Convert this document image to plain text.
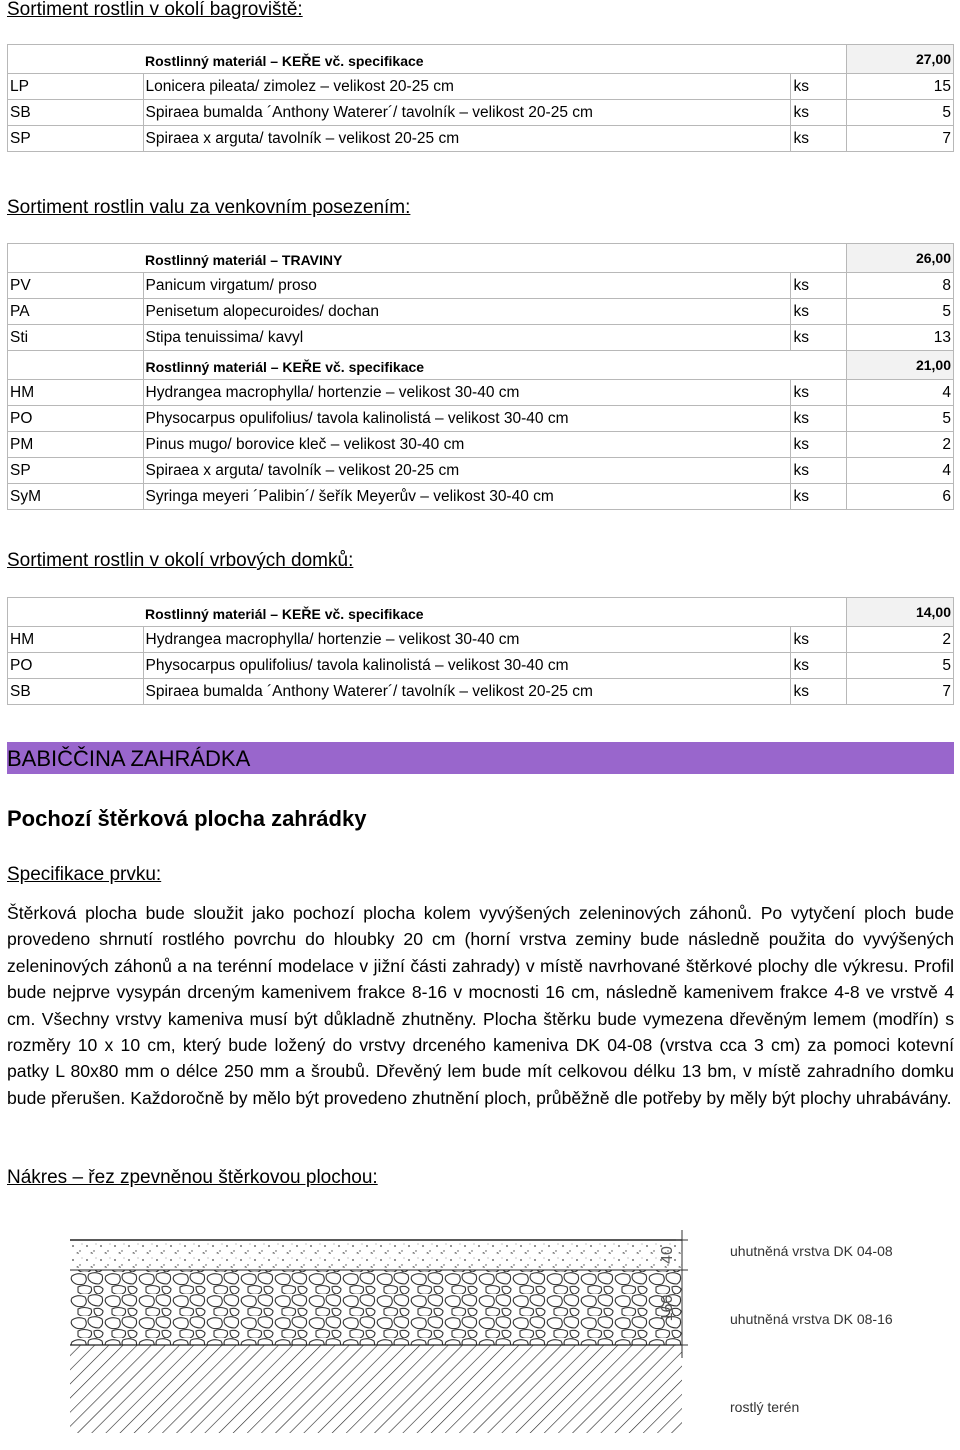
Sortiment rostlin v okolí bagroviště:
	Rostlinný materiál – KEŘE vč. specifikace		27,00
LP	Lonicera pileata/ zimolez – velikost 20-25 cm	ks	15
SB	Spiraea bumalda ´Anthony Waterer´/ tavolník – velikost 20-25 cm	ks	5
SP	Spiraea x arguta/ tavolník – velikost 20-25 cm	ks	7
Sortiment rostlin valu za venkovním posezením:
	Rostlinný materiál – TRAVINY		26,00
PV	Panicum virgatum/ proso	ks	8
PA	Penisetum alopecuroides/ dochan	ks	5
Sti	Stipa tenuissima/ kavyl	ks	13
	Rostlinný materiál – KEŘE vč. specifikace		21,00
HM	Hydrangea macrophylla/ hortenzie – velikost 30-40 cm	ks	4
PO	Physocarpus opulifolius/ tavola kalinolistá – velikost 30-40 cm	ks	5
PM	Pinus mugo/ borovice kleč – velikost 30-40 cm	ks	2
SP	Spiraea x arguta/ tavolník – velikost 20-25 cm	ks	4
SyM	Syringa meyeri ´Palibin´/ šeřík Meyerův – velikost 30-40 cm	ks	6
Sortiment rostlin v okolí vrbových domků:
	Rostlinný materiál – KEŘE vč. specifikace		14,00
HM	Hydrangea macrophylla/ hortenzie – velikost 30-40 cm	ks	2
PO	Physocarpus opulifolius/ tavola kalinolistá – velikost 30-40 cm	ks	5
SB	Spiraea bumalda ´Anthony Waterer´/ tavolník – velikost 20-25 cm	ks	7
BABIČČINA ZAHRÁDKA
Pochozí štěrková plocha zahrádky
Specifikace prvku:

Štěrková plocha bude sloužit jako pochozí plocha kolem vyvýšených zeleninových záhonů. Po vytyčení ploch bude provedeno shrnutí rostlého povrchu do hloubky 20 cm (horní vrstva zeminy bude následně použita do vyvýšených zeleninových záhonů a na terénní modelace v jižní části zahrady) v místě navrhované štěrkové plochy dle výkresu. Profil bude nejprve vysypán drceným kamenivem frakce 8-16 v mocnosti 16 cm, následně kamenivem frakce 4-8 ve vrstvě 4 cm. Všechny vrstvy kameniva musí být důkladně zhutněny. Plocha štěrku bude vymezena dřevěným lemem (modřín) s rozměry 10 x 10 cm, který bude ložený do vrstvy drceného kameniva DK 04-08 (vrstva cca 3 cm) za pomoci kotevní patky L 80x80 mm o délce 250 mm a šroubů. Dřevěný lem bude mít celkovou délku 13 bm, v místě zahradního domku bude přerušen. Každoročně by mělo být provedeno zhutnění ploch, průběžně dle potřeby by měly být plochy uhrabávány.

Nákres – řez zpevněnou štěrkovou plochou:
40
160
uhutněná vrstva DK 04-08
uhutněná vrstva DK 08-16
rostlý terén
